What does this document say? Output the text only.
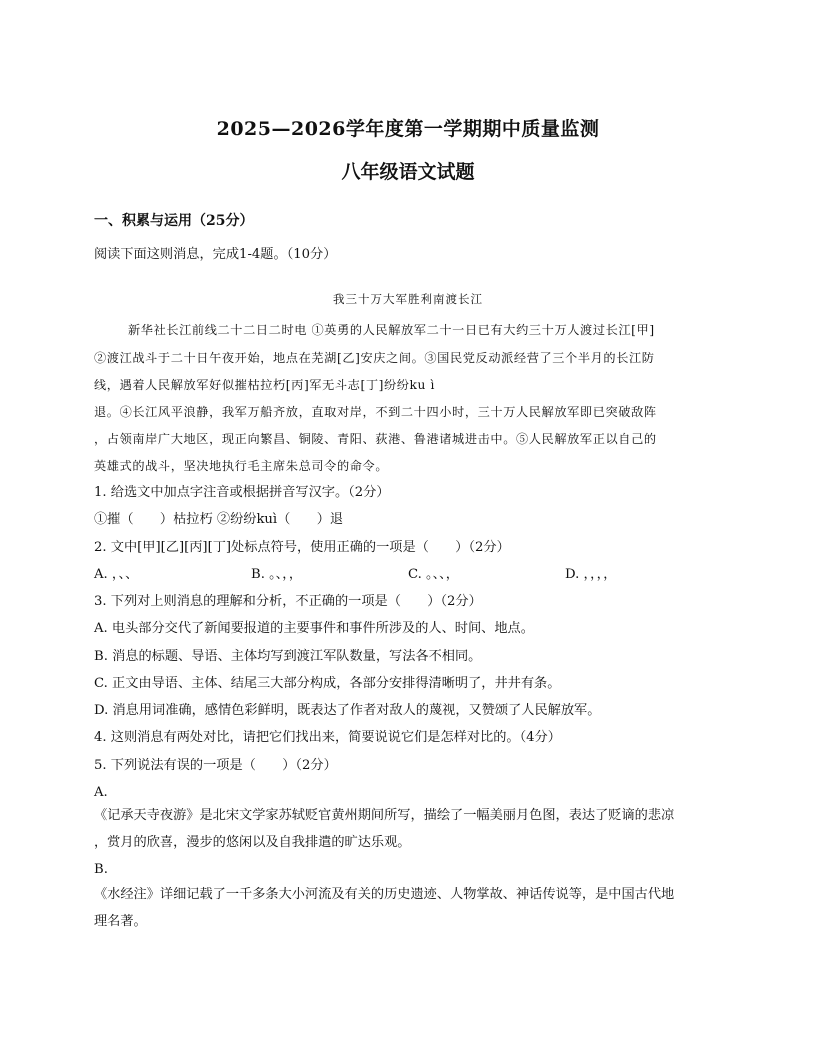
2025—2026学年度第一学期期中质量监测
八年级语文试题
一、积累与运用（25分）
阅读下面这则消息，完成1-4题。（10分）
我三十万大军胜利南渡长江
新华社长江前线二十二日二时电 ①英勇的人民解放军二十一日已有大约三十万人渡过长江[甲]
②渡江战斗于二十日午夜开始，地点在芜湖[乙]安庆之间。③国民党反动派经营了三个半月的长江防
线，遇着人民解放军好似摧枯拉朽[丙]军无斗志[丁]纷纷ku ì
退。④长江风平浪静，我军万船齐放，直取对岸，不到二十四小时，三十万人民解放军即已突破敌阵
，占领南岸广大地区，现正向繁昌、铜陵、青阳、荻港、鲁港诸城进击中。⑤人民解放军正以自己的
英雄式的战斗，坚决地执行毛主席朱总司令的命令。
1. 给选文中加点字注音或根据拼音写汉字。（2分）
①摧（　　）枯拉朽 ②纷纷kuì（　　）退
2. 文中[甲][乙][丙][丁]处标点符号，使用正确的一项是（　　）（2分）
A. ，、、	B. 。、，，	C. 。、、，	D. ，，，，
3. 下列对上则消息的理解和分析，不正确的一项是（　　）（2分）
A. 电头部分交代了新闻要报道的主要事件和事件所涉及的人、时间、地点。
B. 消息的标题、导语、主体均写到渡江军队数量，写法各不相同。
C. 正文由导语、主体、结尾三大部分构成，各部分安排得清晰明了，井井有条。
D. 消息用词准确，感情色彩鲜明，既表达了作者对敌人的蔑视，又赞颂了人民解放军。
4. 这则消息有两处对比，请把它们找出来，简要说说它们是怎样对比的。（4分）
5. 下列说法有误的一项是（　　）（2分）
A.
《记承天寺夜游》是北宋文学家苏轼贬官黄州期间所写，描绘了一幅美丽月色图，表达了贬谪的悲凉
，赏月的欣喜，漫步的悠闲以及自我排遣的旷达乐观。
B.
《水经注》详细记载了一千多条大小河流及有关的历史遗迹、人物掌故、神话传说等，是中国古代地
理名著。
